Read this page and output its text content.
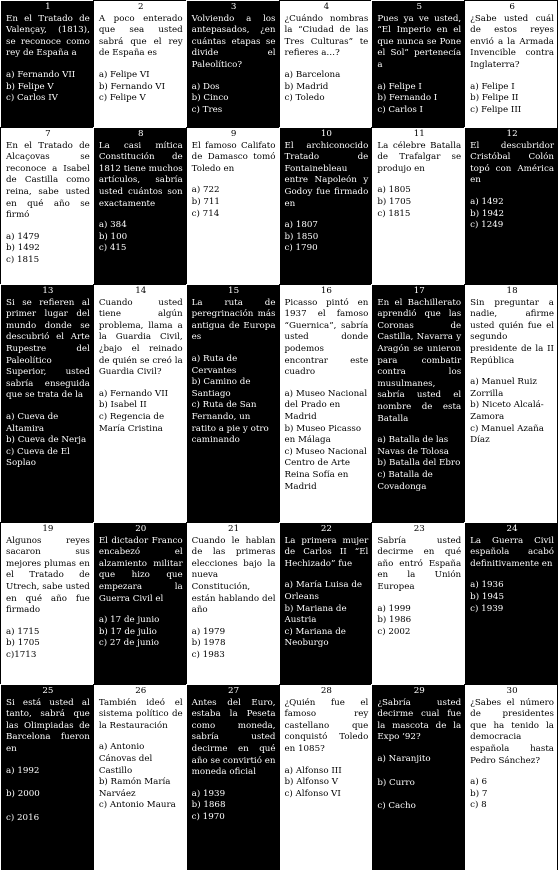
1

En el Tratado de Valençay, (1813), se reconoce como rey de España a

a) Fernando VII
b) Felipe V
c) Carlos IV
2

A poco enterado que sea usted sabrá que el rey de España es

a) Felipe VI
b) Fernando VI
c) Felipe V
3

Volviendo a los antepasados, ¿en cuántas etapas se divide el Paleolítico?

a) Dos
b) Cinco
c) Tres
4

¿Cuándo nombras la “Ciudad de las Tres Culturas” te refieres a…?

a) Barcelona
b) Madrid
c) Toledo
5

Pues ya ve usted, “El Imperio en el que nunca se Pone el Sol” pertenecía a

a) Felipe I
b) Fernando I
c) Carlos I
6

¿Sabe usted cuál de estos reyes envió a la Armada Invencible contra Inglaterra?

a) Felipe I
b) Felipe II
c) Felipe III
7

En el Tratado de Alcaçovas se reconoce a Isabel de Castilla como reina, sabe usted en qué año se firmó

a) 1479
b) 1492
c) 1815
8

La casi mítica Constitución de 1812 tiene muchos artículos, sabría usted cuántos son exactamente

a) 384
b) 100
c) 415
9

El famoso Califato de Damasco tomó Toledo en

a) 722
b) 711
c) 714
10

El archiconocido Tratado de Fontainebleau entre Napoleón y Godoy fue firmado en

a) 1807
b) 1850
c) 1790
11

La célebre Batalla de Trafalgar se produjo en

a) 1805
b) 1705
c) 1815
12

El descubridor Cristóbal Colón topó con América en

a) 1492
b) 1942
c) 1249
13

Si se refieren al primer lugar del mundo donde se descubrió el Arte Rupestre del Paleolítico Superior, usted sabría enseguida que se trata de la

a) Cueva de Altamira
b) Cueva de Nerja
c) Cueva de El Soplao
14

Cuando usted tiene algún problema, llama a la Guardia Civil, ¿bajo el reinado de quién se creó la Guardia Civil?

a) Fernando VII
b) Isabel II
c) Regencia de María Cristina
15

La ruta de peregrinación más antigua de Europa es

a) Ruta de Cervantes
b) Camino de Santiago
c) Ruta de San Fernando, un ratito a pie y otro caminando
16

Picasso pintó en 1937 el famoso “Guernica”, sabría usted donde podemos encontrar este cuadro

a) Museo Nacional del Prado en Madrid
b) Museo Picasso en Málaga
c) Museo Nacional Centro de Arte Reina Sofía en Madrid
17

En el Bachillerato aprendió que las Coronas de Castilla, Navarra y Aragón se unieron para combatir contra los musulmanes, sabría usted el nombre de esta Batalla

a) Batalla de las Navas de Tolosa
b) Batalla del Ebro
c) Batalla de Covadonga
18

Sin preguntar a nadie, afirme usted quién fue el segundo presidente de la II República

a) Manuel Ruiz Zorrilla
b) Niceto Alcalá-Zamora
c) Manuel Azaña Díaz
19

Algunos reyes sacaron sus mejores plumas en el Tratado de Utrech, sabe usted en qué año fue firmado

a) 1715
b) 1705
c)1713
20

El dictador Franco encabezó el alzamiento militar que hizo que empezara la Guerra Civil el

a) 17 de junio
b) 17 de julio
c) 27 de junio
21

Cuando le hablan de las primeras elecciones bajo la nueva Constitución, están hablando del año

a) 1979
b) 1978
c) 1983
22

La primera mujer de Carlos II “El Hechizado” fue

a) María Luisa de Orleans
b) Mariana de Austria
c) Mariana de Neoburgo
23

Sabría usted decirme en qué año entró España en la Unión Europea

a) 1999
b) 1986
c) 2002
24

La Guerra Civil española acabó definitivamente en

a) 1936
b) 1945
c) 1939
25

Si está usted al tanto, sabrá que las Olimpiadas de Barcelona fueron en

a) 1992
b) 2000
c) 2016
26

También ideó el sistema político de la Restauración

a) Antonio Cánovas del Castillo
b) Ramón María Narváez
c) Antonio Maura
27

Antes del Euro, estaba la Peseta como moneda, sabría usted decirme en qué año se convirtió en moneda oficial

a) 1939
b) 1868
c) 1970
28

¿Quién fue el famoso rey castellano que conquistó Toledo en 1085?

a) Alfonso III
b) Alfonso V
c) Alfonso VI
29

¿Sabría usted decirme cual fue la mascota de la Expo ’92?

a) Naranjito
b) Curro
c) Cacho
30

¿Sabes el número de presidentes que ha tenido la democracia española hasta Pedro Sánchez?

a) 6
b) 7
c) 8
